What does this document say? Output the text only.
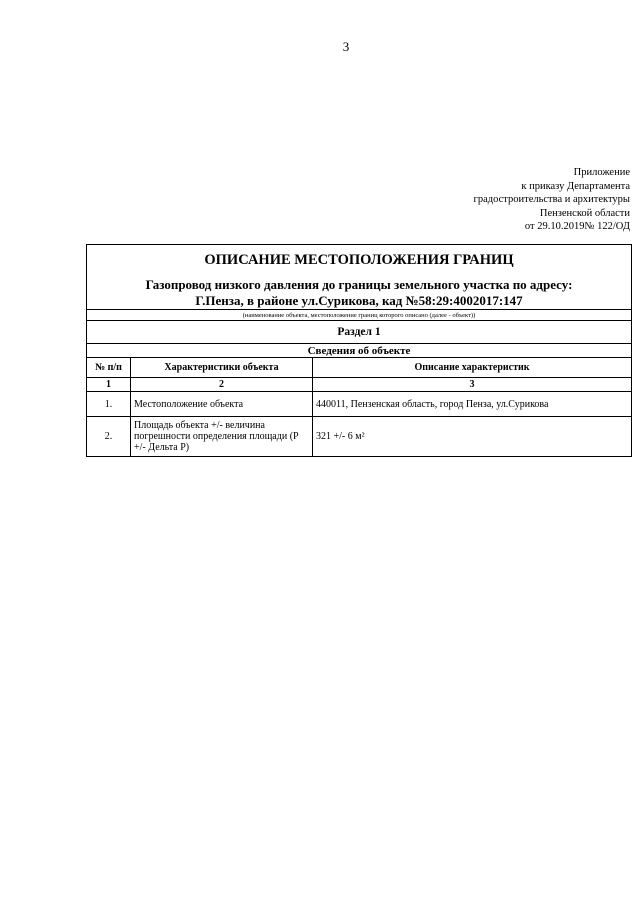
3
Приложение
к приказу Департамента
градостроительства и архитектуры
Пензенской области
от 29.10.2019№ 122/ОД
ОПИСАНИЕ МЕСТОПОЛОЖЕНИЯ ГРАНИЦ
Газопровод низкого давления до границы земельного участка по адресу:
Г.Пенза, в районе ул.Сурикова, кад №58:29:4002017:147		

(наименование объекта, местоположение границ которого описано (далее - объект))		
Раздел 1		
Сведения об объекте		
№ п/п	Характеристики объекта	Описание характеристик
1	2	3
1.	Местоположение объекта	440011, Пензенская область, город Пенза, ул.Сурикова
2.	Площадь объекта +/- величина погрешности определения площади (Р +/- Дельта Р)	321 +/- 6 м²
